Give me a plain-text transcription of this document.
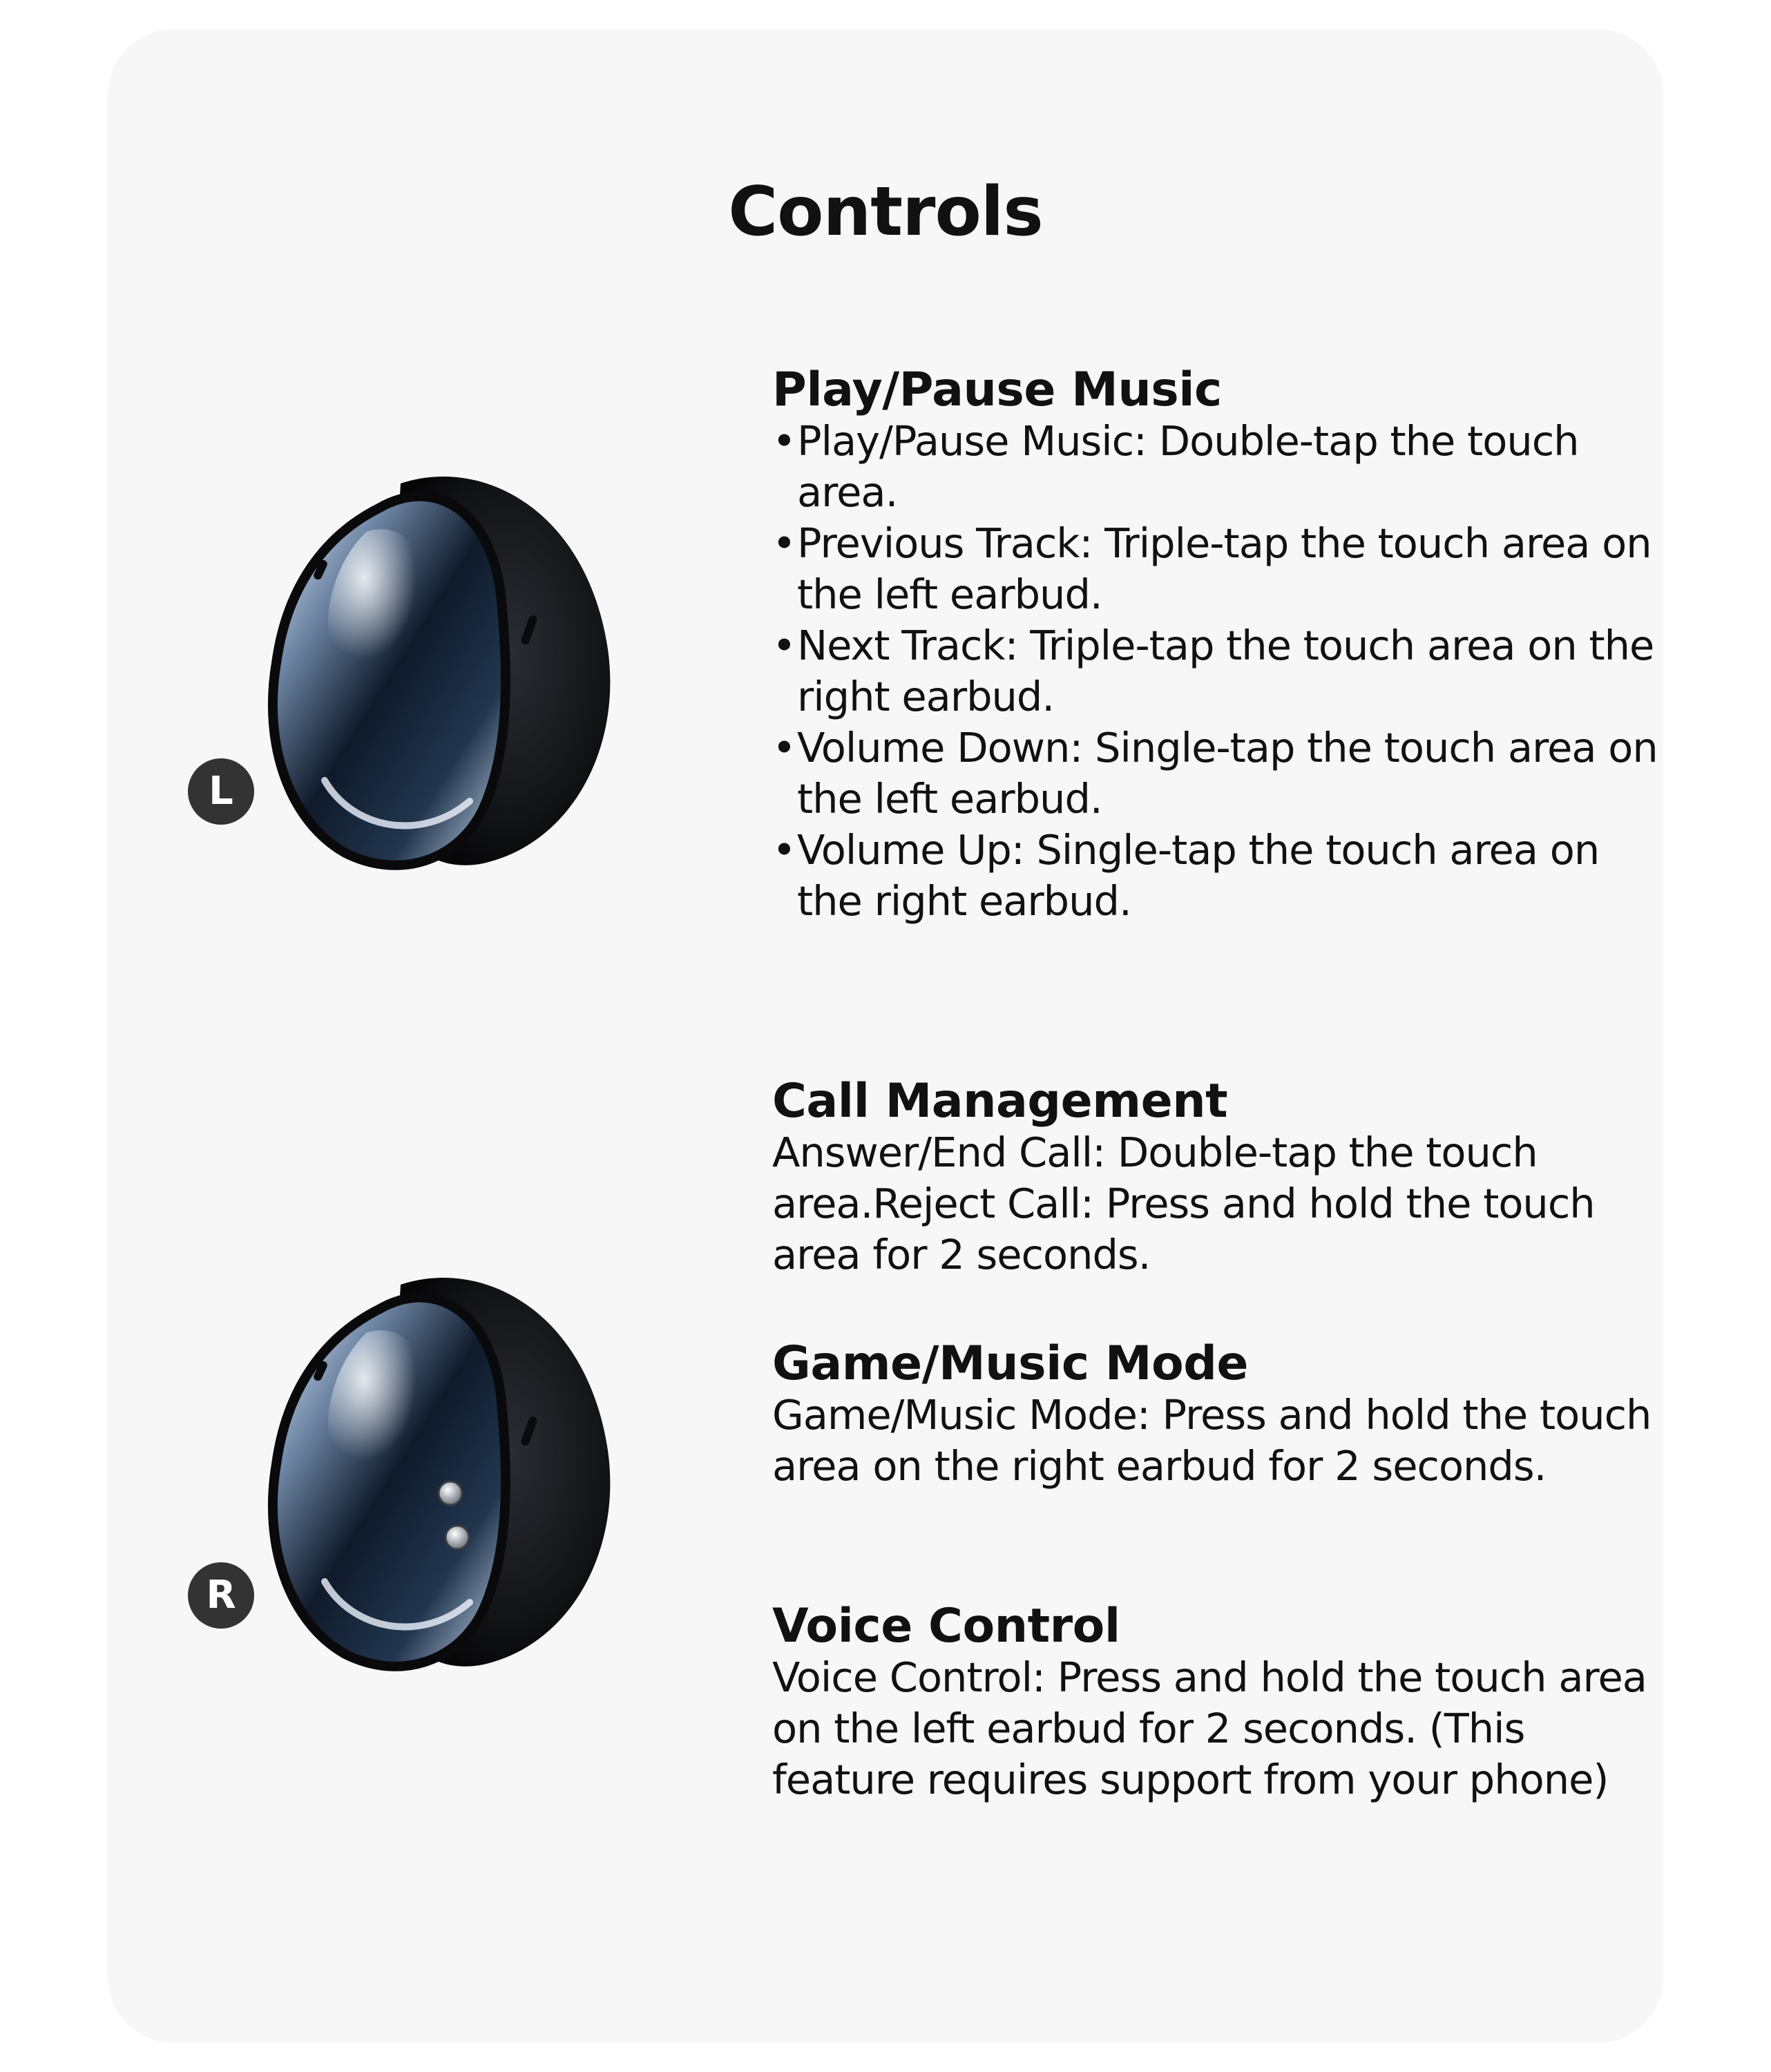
Controls
L
R
Play/Pause Music
• Play/Pause Music: Double-tap the touch area.
• Previous Track: Triple-tap the touch area on the left earbud.
• Next Track: Triple-tap the touch area on the right earbud.
• Volume Down: Single-tap the touch area on the left earbud.
• Volume Up: Single-tap the touch area on the right earbud.
Call Management

Answer/End Call: Double-tap the touch area.Reject Call: Press and hold the touch area for 2 seconds.

Game/Music Mode

Game/Music Mode: Press and hold the touch area on the right earbud for 2 seconds.

Voice Control

Voice Control: Press and hold the touch area on the left earbud for 2 seconds. (This feature requires support from your phone)
